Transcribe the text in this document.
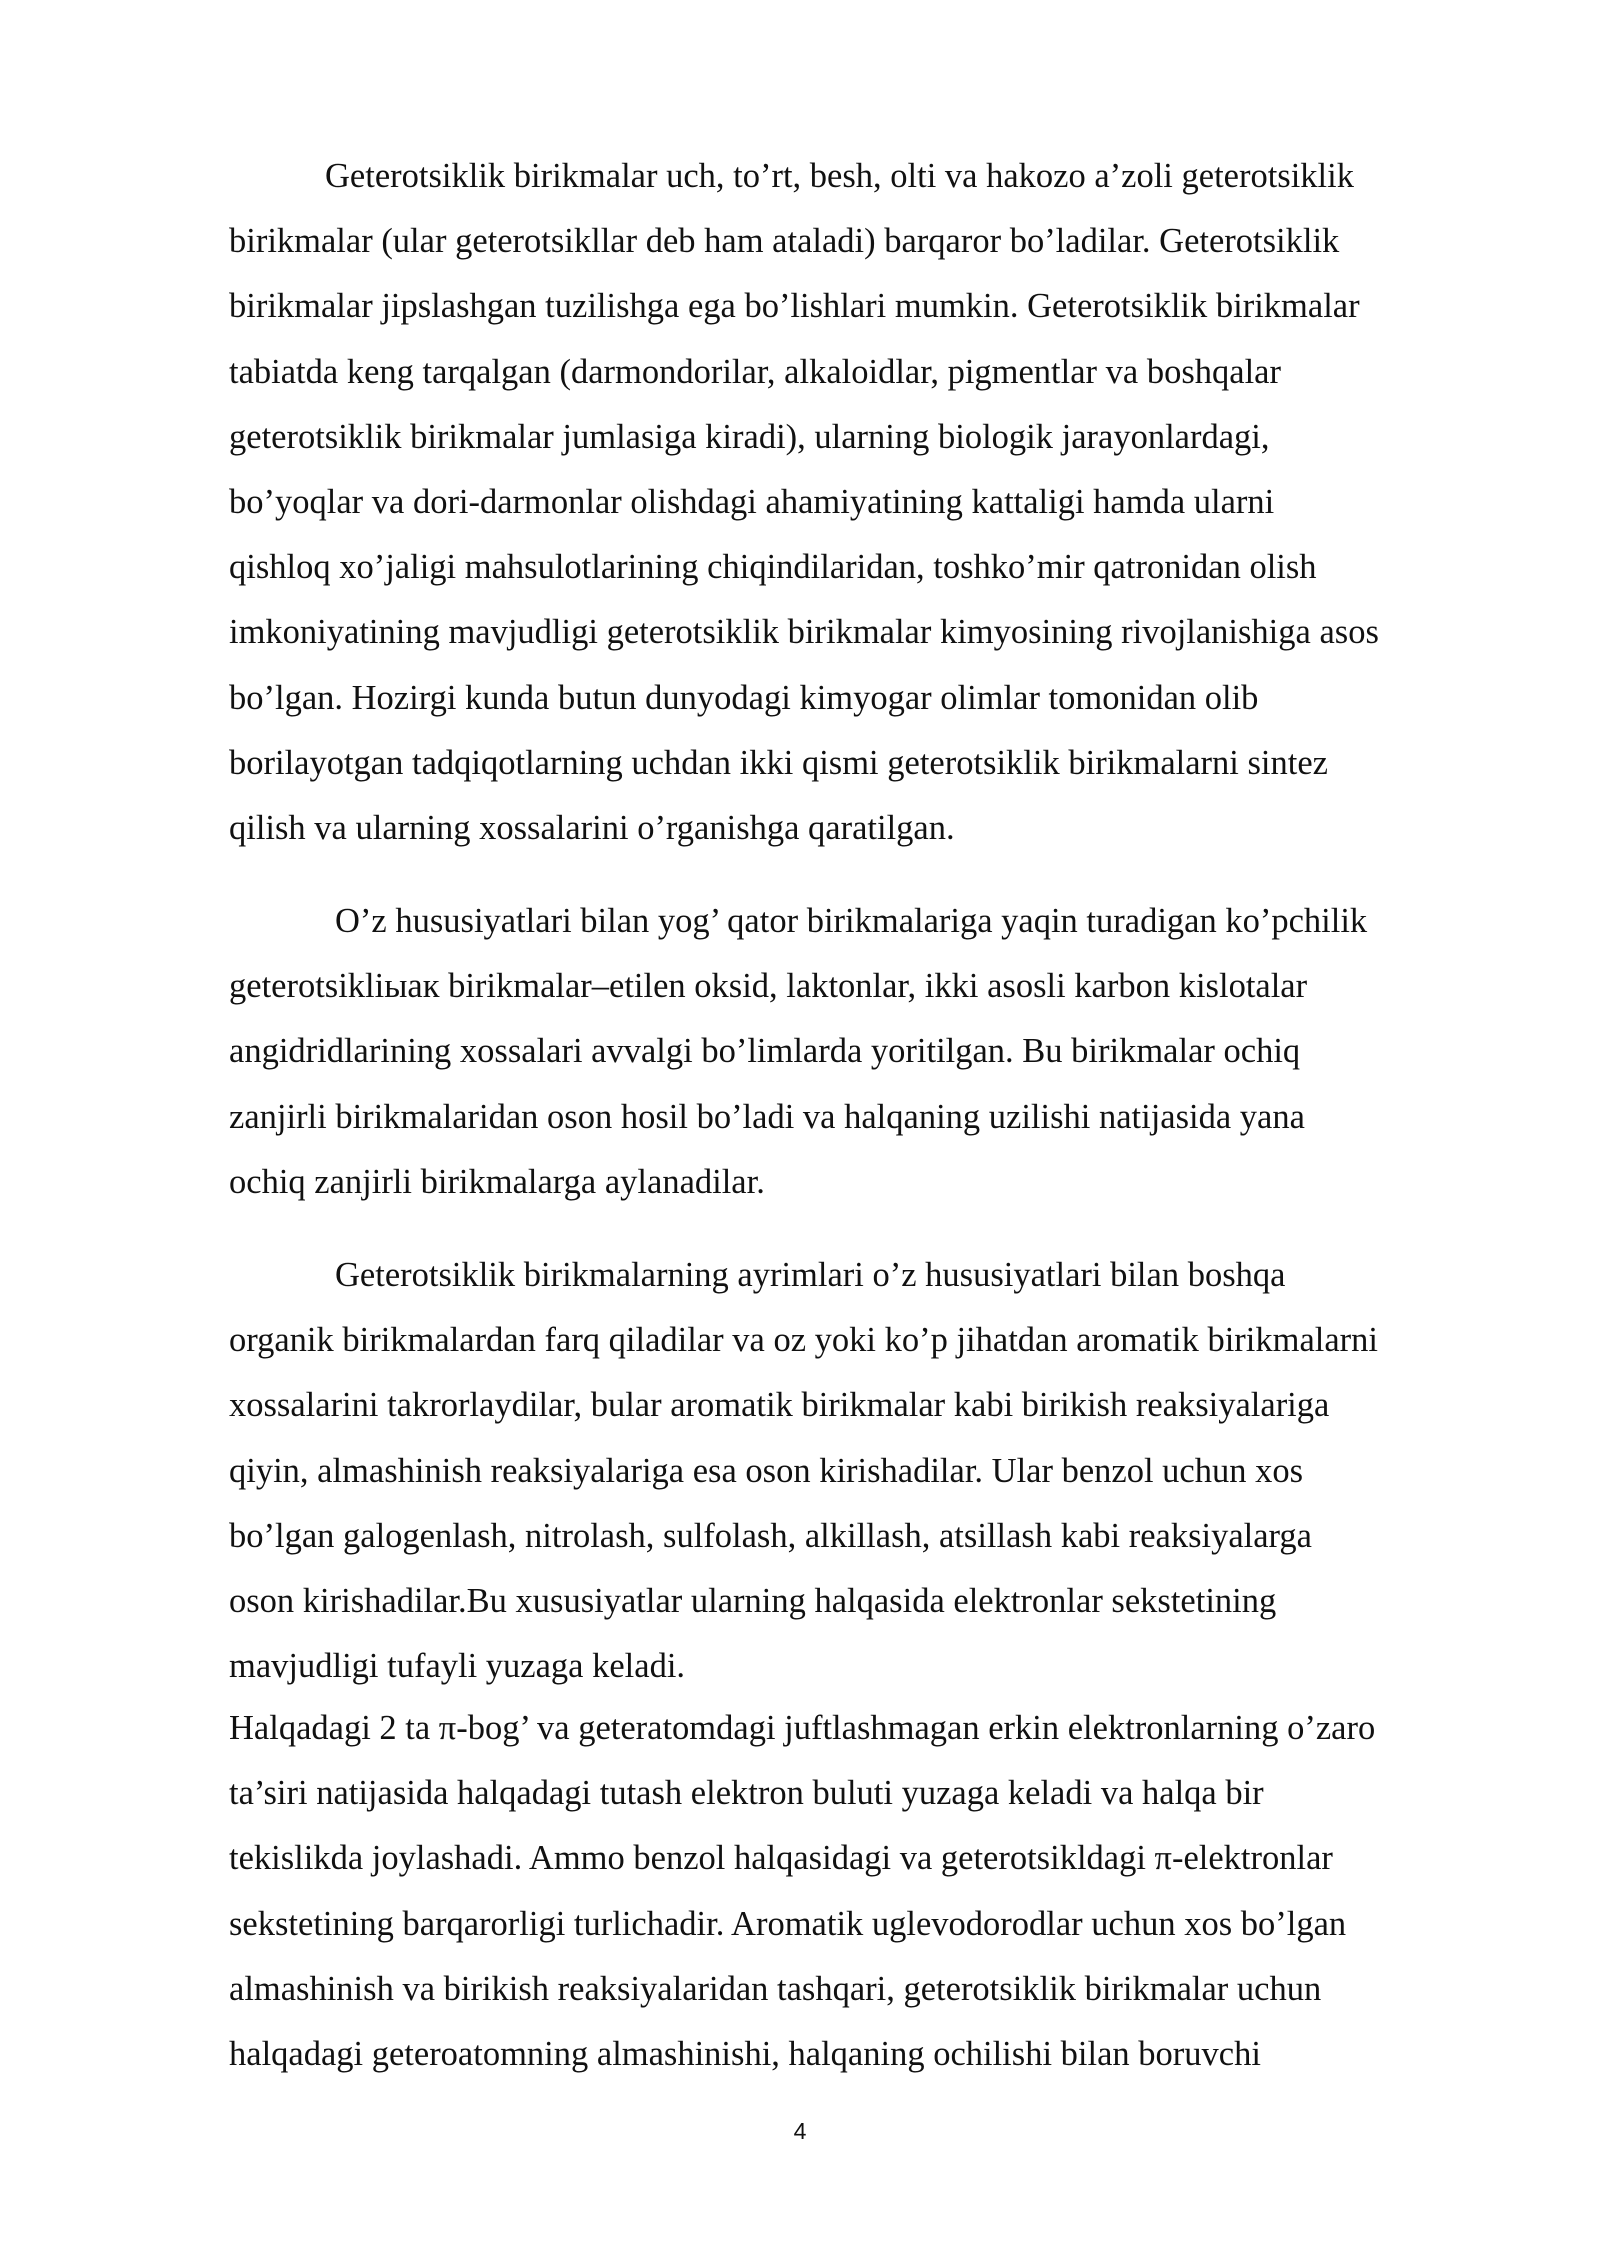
Geterotsiklik birikmalar uch, to’rt, besh, olti va hakozo a’zoli geterotsiklik
birikmalar (ular geterotsikllar deb ham ataladi) barqaror bo’ladilar. Geterotsiklik
birikmalar jipslashgan tuzilishga ega bo’lishlari mumkin. Geterotsiklik birikmalar
tabiatda keng tarqalgan (darmondorilar, alkaloidlar, pigmentlar va boshqalar
geterotsiklik birikmalar jumlasiga kiradi), ularning biologik jarayonlardagi,
bo’yoqlar va dori-darmonlar olishdagi ahamiyatining kattaligi hamda ularni
qishloq xo’jaligi mahsulotlarining chiqindilaridan, toshko’mir qatronidan olish
imkoniyatining mavjudligi geterotsiklik birikmalar kimyosining rivojlanishiga asos
bo’lgan. Hozirgi kunda butun dunyodagi kimyogar olimlar tomonidan olib
borilayotgan tadqiqotlarning uchdan ikki qismi geterotsiklik birikmalarni sintez
qilish va ularning xossalarini o’rganishga qaratilgan.

O’z hususiyatlari bilan yog’ qator birikmalariga yaqin turadigan ko’pchilik
geterotsikliыак birikmalar–etilen oksid, laktonlar, ikki asosli karbon kislotalar
angidridlarining xossalari avvalgi bo’limlarda yoritilgan. Bu birikmalar ochiq
zanjirli birikmalaridan oson hosil bo’ladi va halqaning uzilishi natijasida yana
ochiq zanjirli birikmalarga aylanadilar.

Geterotsiklik birikmalarning ayrimlari o’z hususiyatlari bilan boshqa
organik birikmalardan farq qiladilar va oz yoki ko’p jihatdan aromatik birikmalarni
xossalarini takrorlaydilar, bular aromatik birikmalar kabi birikish reaksiyalariga
qiyin, almashinish reaksiyalariga esa oson kirishadilar. Ular benzol uchun xos
bo’lgan galogenlash, nitrolash, sulfolash, alkillash, atsillash kabi reaksiyalarga
oson kirishadilar.Bu xususiyatlar ularning halqasida elektronlar sekstetining
mavjudligi tufayli yuzaga keladi.

Halqadagi 2 ta π-bog’ va geteratomdagi juftlashmagan erkin elektronlarning o’zaro
ta’siri natijasida halqadagi tutash elektron buluti yuzaga keladi va halqa bir
tekislikda joylashadi. Ammo benzol halqasidagi va geterotsikldagi π-elektronlar
sekstetining barqarorligi turlichadir. Aromatik uglevodorodlar uchun xos bo’lgan
almashinish va birikish reaksiyalaridan tashqari, geterotsiklik birikmalar uchun
halqadagi geteroatomning almashinishi, halqaning ochilishi bilan boruvchi

4
